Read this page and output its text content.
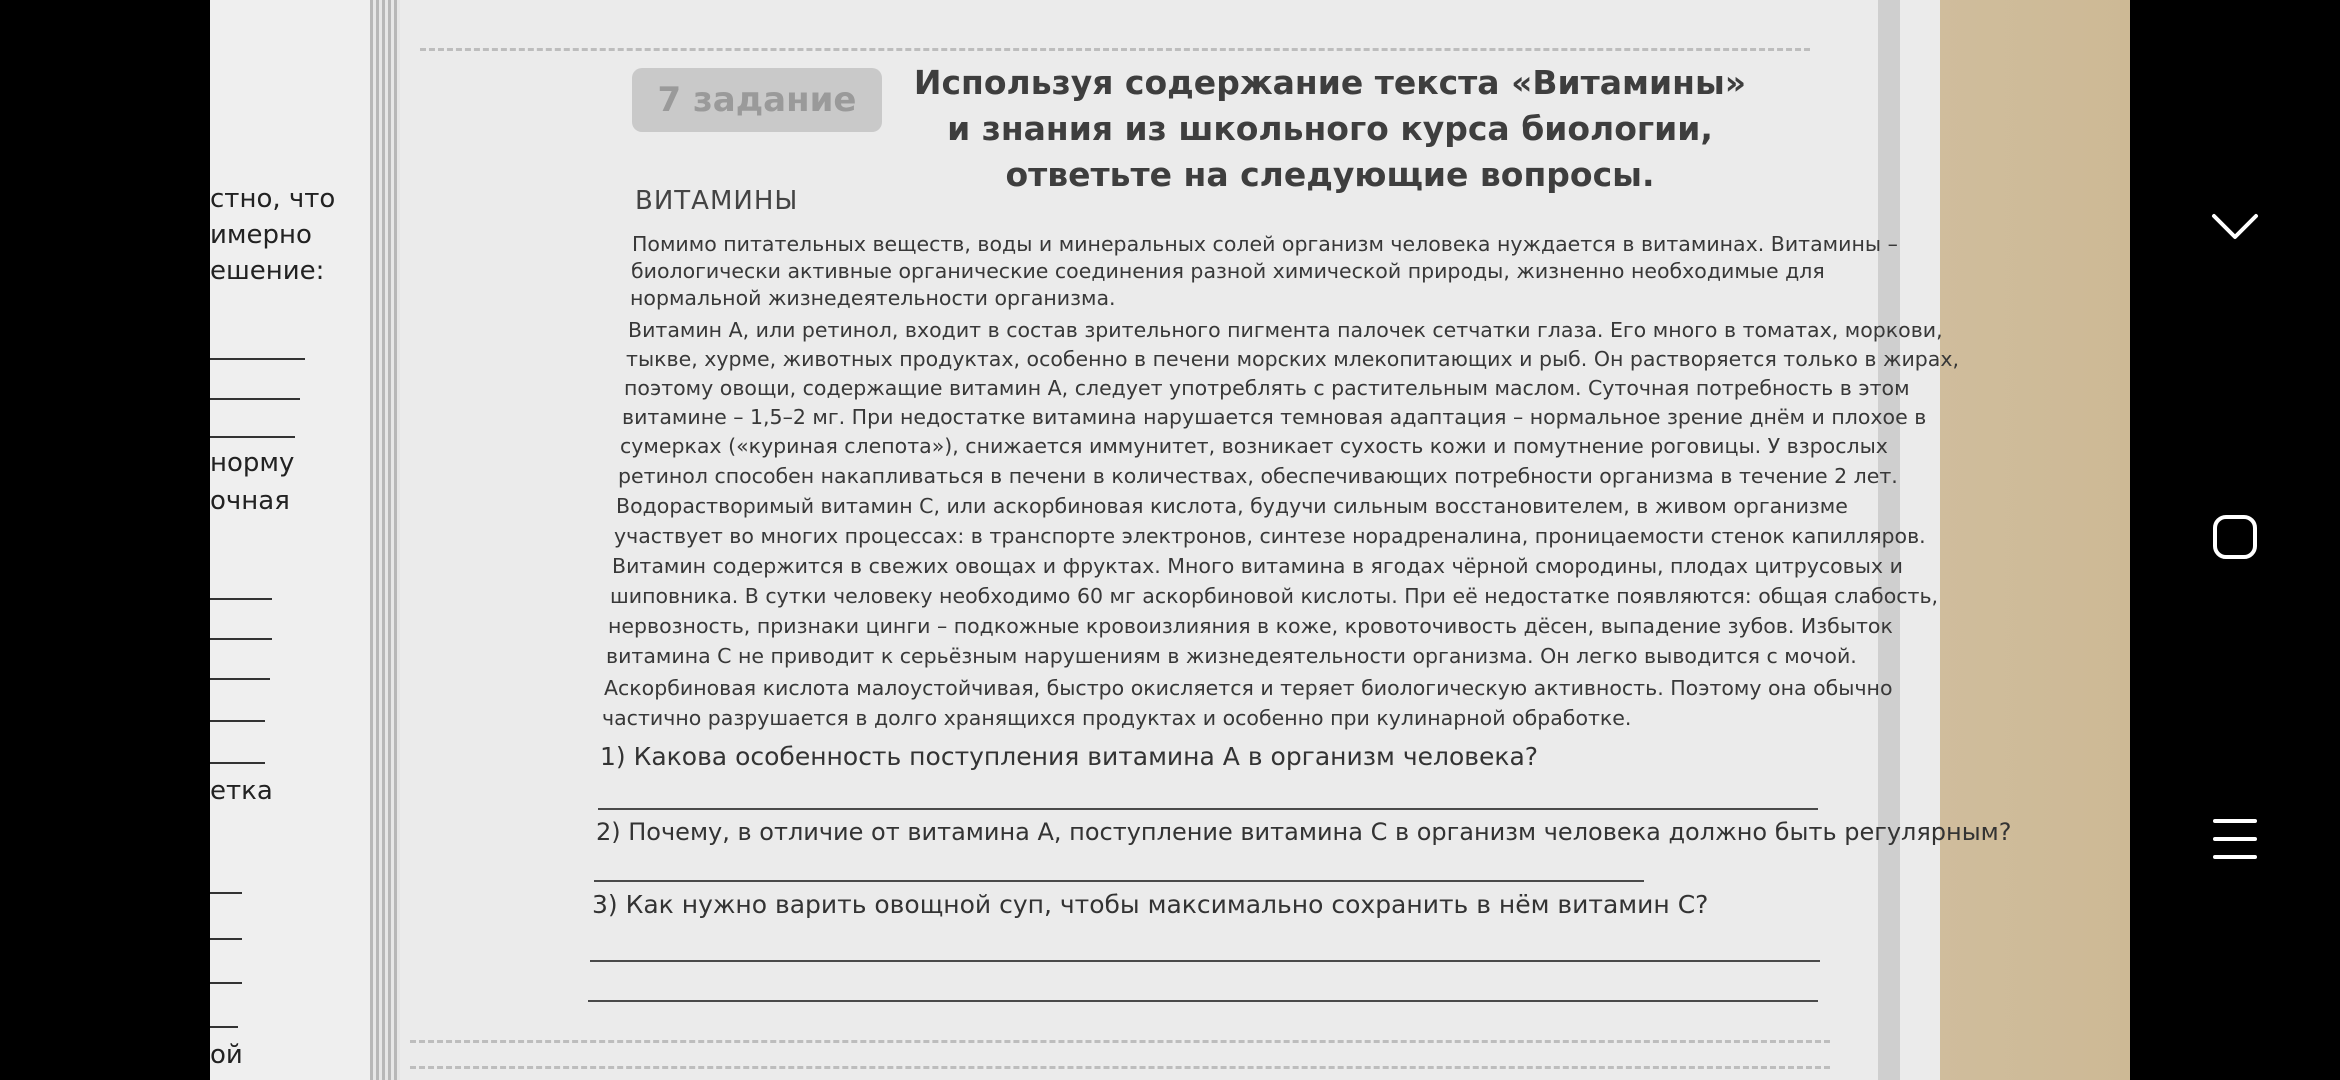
стно, что
имерно
ешение:
норму
очная
етка
ой
7 задание	Используя содержание текста «Витамины» и знания из школьного курса биологии, ответьте на следующие вопросы.
ВИТАМИНЫ
Помимо питательных веществ, воды и минеральных солей организм человека нуждается в витаминах. Витамины –
биологически активные органические соединения разной химической природы, жизненно необходимые для
нормальной жизнедеятельности организма.
Витамин А, или ретинол, входит в состав зрительного пигмента палочек сетчатки глаза. Его много в томатах, моркови,
тыкве, хурме, животных продуктах, особенно в печени морских млекопитающих и рыб. Он растворяется только в жирах,
поэтому овощи, содержащие витамин А, следует употреблять с растительным маслом. Суточная потребность в этом
витамине – 1,5–2 мг. При недостатке витамина нарушается темновая адаптация – нормальное зрение днём и плохое в
сумерках («куриная слепота»), снижается иммунитет, возникает сухость кожи и помутнение роговицы. У взрослых
ретинол способен накапливаться в печени в количествах, обеспечивающих потребности организма в течение 2 лет.
Водорастворимый витамин С, или аскорбиновая кислота, будучи сильным восстановителем, в живом организме
участвует во многих процессах: в транспорте электронов, синтезе норадреналина, проницаемости стенок капилляров.
Витамин содержится в свежих овощах и фруктах. Много витамина в ягодах чёрной смородины, плодах цитрусовых и
шиповника. В сутки человеку необходимо 60 мг аскорбиновой кислоты. При её недостатке появляются: общая слабость,
нервозность, признаки цинги – подкожные кровоизлияния в коже, кровоточивость дёсен, выпадение зубов. Избыток
витамина С не приводит к серьёзным нарушениям в жизнедеятельности организма. Он легко выводится с мочой.
Аскорбиновая кислота малоустойчивая, быстро окисляется и теряет биологическую активность. Поэтому она обычно
частично разрушается в долго хранящихся продуктах и особенно при кулинарной обработке.
1) Какова особенность поступления витамина А в организм человека?
2) Почему, в отличие от витамина А, поступление витамина С в организм человека должно быть регулярным?
3) Как нужно варить овощной суп, чтобы максимально сохранить в нём витамин С?
